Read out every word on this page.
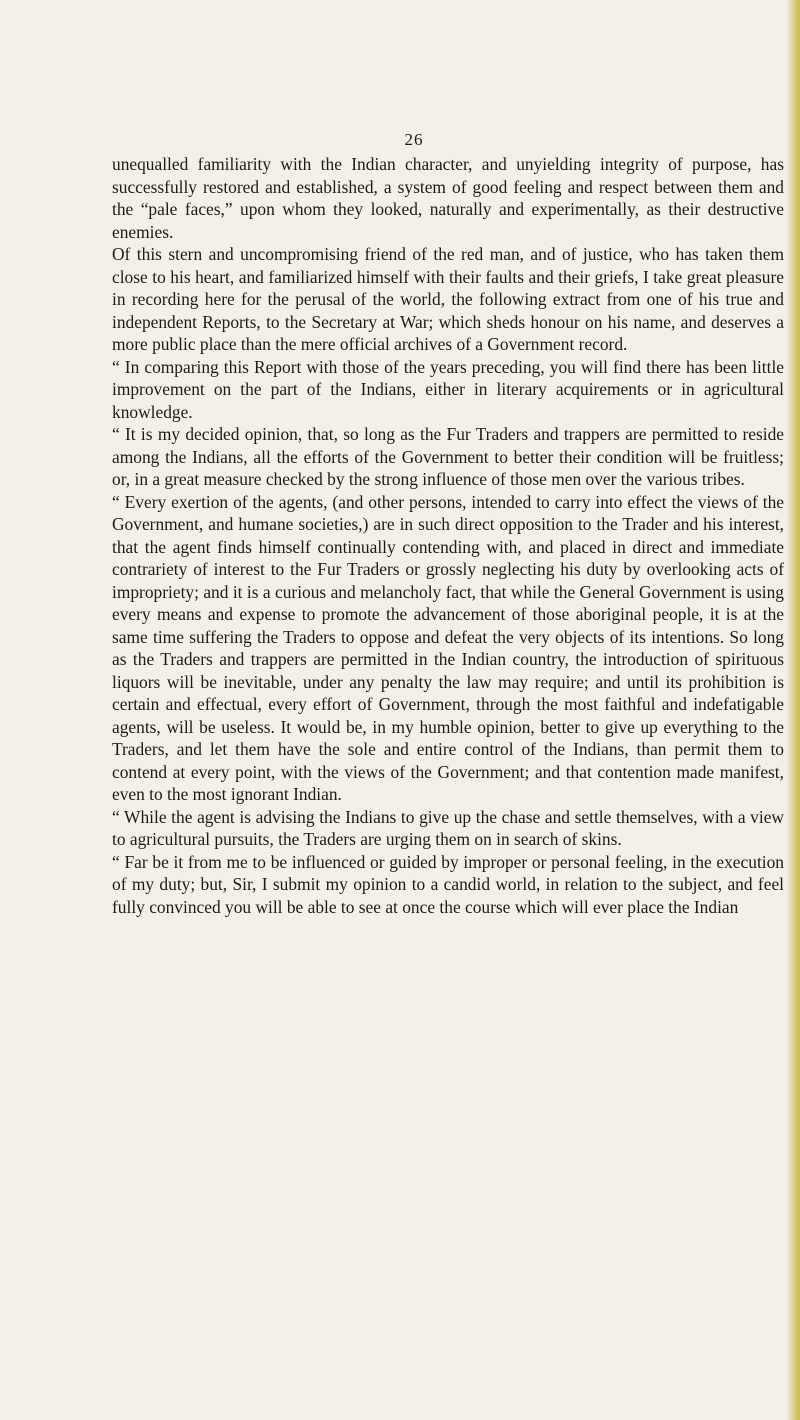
26

unequalled familiarity with the Indian character, and unyielding integrity of purpose, has successfully restored and established, a system of good feeling and respect between them and the “pale faces,” upon whom they looked, naturally and experimentally, as their destructive enemies.

Of this stern and uncompromising friend of the red man, and of justice, who has taken them close to his heart, and familiarized himself with their faults and their griefs, I take great pleasure in recording here for the perusal of the world, the following extract from one of his true and independent Reports, to the Secretary at War; which sheds honour on his name, and deserves a more public place than the mere official archives of a Government record.

“ In comparing this Report with those of the years preceding, you will find there has been little improvement on the part of the Indians, either in literary acquirements or in agricultural knowledge.

“ It is my decided opinion, that, so long as the Fur Traders and trappers are permitted to reside among the Indians, all the efforts of the Government to better their condition will be fruitless; or, in a great measure checked by the strong influence of those men over the various tribes.

“ Every exertion of the agents, (and other persons, intended to carry into effect the views of the Government, and humane societies,) are in such direct opposition to the Trader and his interest, that the agent finds himself continually contending with, and placed in direct and immediate contrariety of interest to the Fur Traders or grossly neglecting his duty by overlooking acts of impropriety; and it is a curious and melancholy fact, that while the General Government is using every means and expense to promote the advancement of those aboriginal people, it is at the same time suffering the Traders to oppose and defeat the very objects of its intentions. So long as the Traders and trappers are permitted in the Indian country, the introduction of spirituous liquors will be inevitable, under any penalty the law may require; and until its prohibition is certain and effectual, every effort of Government, through the most faithful and indefatigable agents, will be useless. It would be, in my humble opinion, better to give up everything to the Traders, and let them have the sole and entire control of the Indians, than permit them to contend at every point, with the views of the Government; and that contention made manifest, even to the most ignorant Indian.

“ While the agent is advising the Indians to give up the chase and settle themselves, with a view to agricultural pursuits, the Traders are urging them on in search of skins.

“ Far be it from me to be influenced or guided by improper or personal feeling, in the execution of my duty; but, Sir, I submit my opinion to a candid world, in relation to the subject, and feel fully convinced you will be able to see at once the course which will ever place the Indian
